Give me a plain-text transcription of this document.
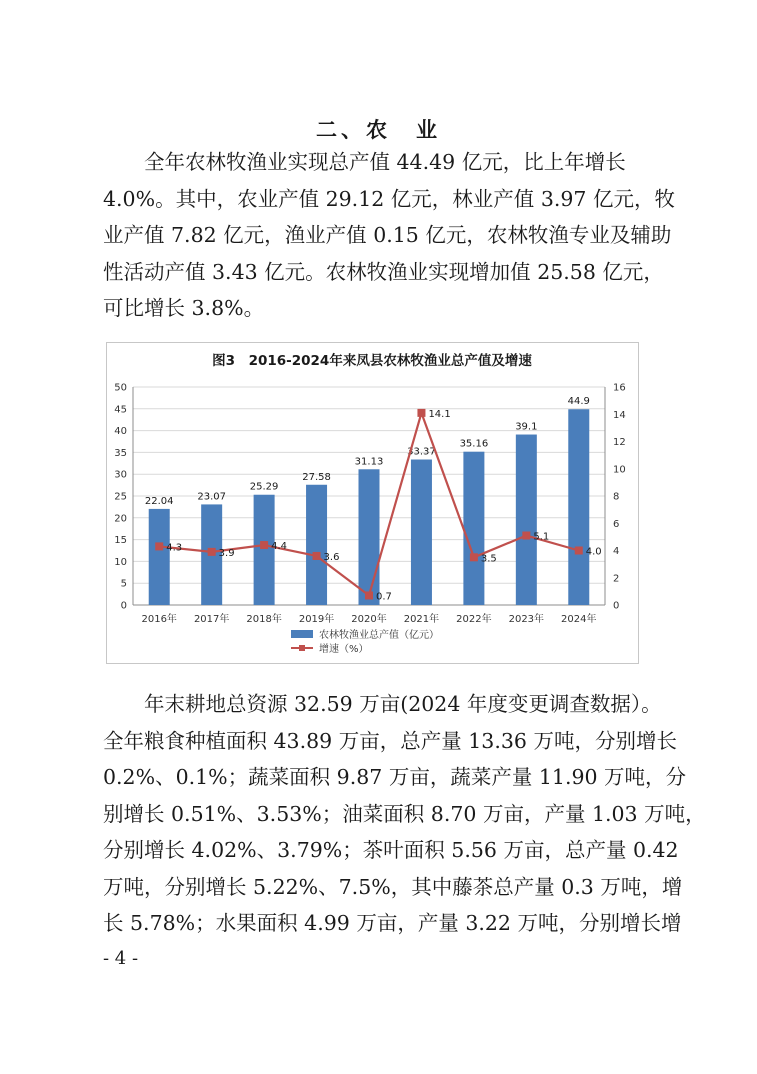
二、农　业

　　全年农林牧渔业实现总产值 44.49 亿元，比上年增长
4.0%。其中，农业产值 29.12 亿元，林业产值 3.97 亿元，牧
业产值 7.82 亿元，渔业产值 0.15 亿元，农林牧渔专业及辅助
性活动产值 3.43 亿元。农林牧渔业实现增加值 25.58 亿元，
可比增长 3.8%。

图3　2016-2024年来凤县农林牧渔业总产值及增速
0
5
10
15
20
25
30
35
40
45
50
0
2
4
6
8
10
12
14
16
22.04 23.07
25.29
27.58
31.13
33.37
35.16
39.1
44.9
2016年 2017年 2018年 2019年 2020年 2021年 2022年 2023年 2024年
4.3	3.9
4.4
3.6
0.7
14.1
3.5
5.1
4.0
农林牧渔业总产值（亿元）
增速（%）

　　年末耕地总资源 32.59 万亩(2024 年度变更调查数据）。
全年粮食种植面积 43.89 万亩，总产量 13.36 万吨，分别增长
0.2%、0.1%；蔬菜面积 9.87 万亩，蔬菜产量 11.90 万吨，分
别增长 0.51%、3.53%；油菜面积 8.70 万亩，产量 1.03 万吨，
分别增长 4.02%、3.79%；茶叶面积 5.56 万亩，总产量 0.42
万吨，分别增长 5.22%、7.5%，其中藤茶总产量 0.3 万吨，增
长 5.78%；水果面积 4.99 万亩，产量 3.22 万吨，分别增长增

- 4 -
